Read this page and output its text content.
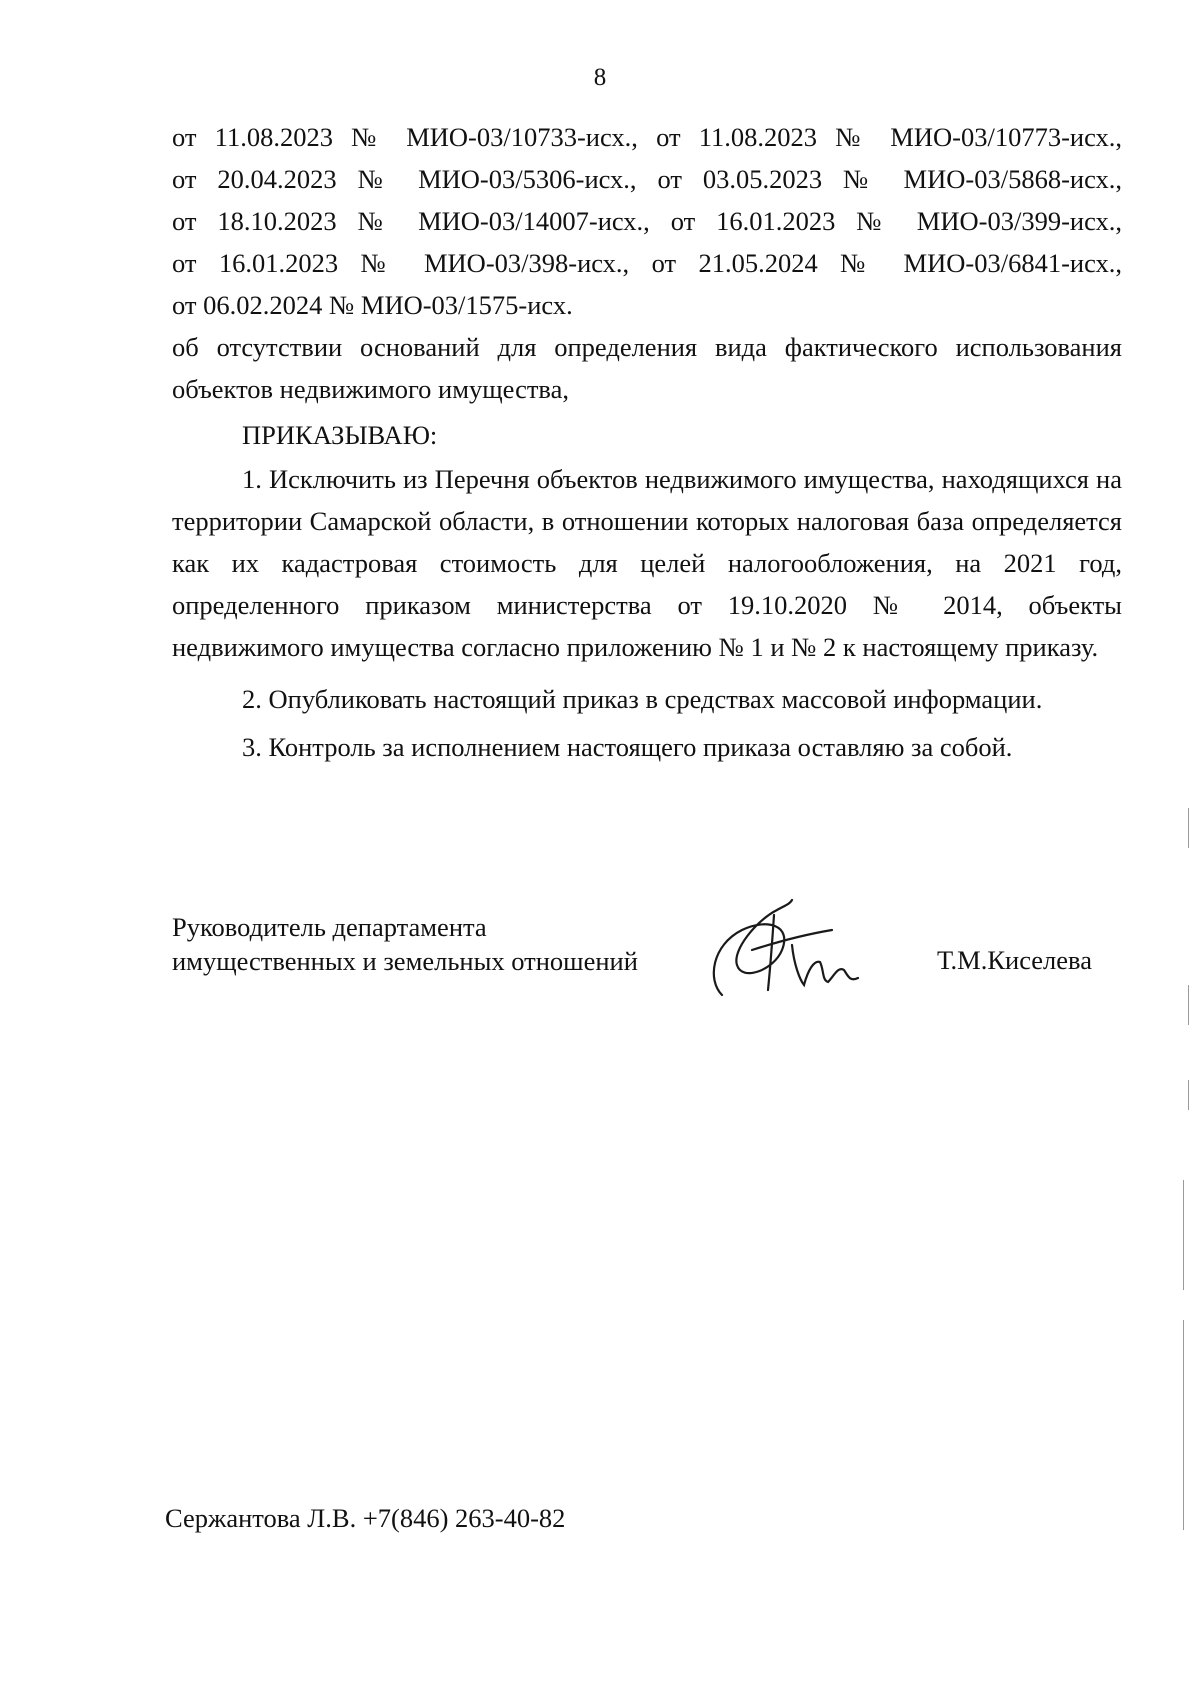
8

от 11.08.2023 № МИО-03/10733-исх., от 11.08.2023 № МИО-03/10773-исх.,

от 20.04.2023 № МИО-03/5306-исх., от 03.05.2023 № МИО-03/5868-исх.,

от 18.10.2023 № МИО-03/14007-исх., от 16.01.2023 № МИО-03/399-исх.,

от 16.01.2023 № МИО-03/398-исх., от 21.05.2024 № МИО-03/6841-исх.,

от 06.02.2024 № МИО-03/1575-исх.

об отсутствии оснований для определения вида фактического использования объектов недвижимого имущества,

ПРИКАЗЫВАЮ:

1. Исключить из Перечня объектов недвижимого имущества, находящихся на территории Самарской области, в отношении которых налоговая база определяется как их кадастровая стоимость для целей налогообложения, на 2021 год, определенного приказом министерства от 19.10.2020 № 2014, объекты недвижимого имущества согласно приложению № 1 и № 2 к настоящему приказу.

2. Опубликовать настоящий приказ в средствах массовой информации.

3. Контроль за исполнением настоящего приказа оставляю за собой.

Руководитель департамента
имущественных и земельных отношений	Т.М.Киселева
Сержантова Л.В. +7(846) 263-40-82
